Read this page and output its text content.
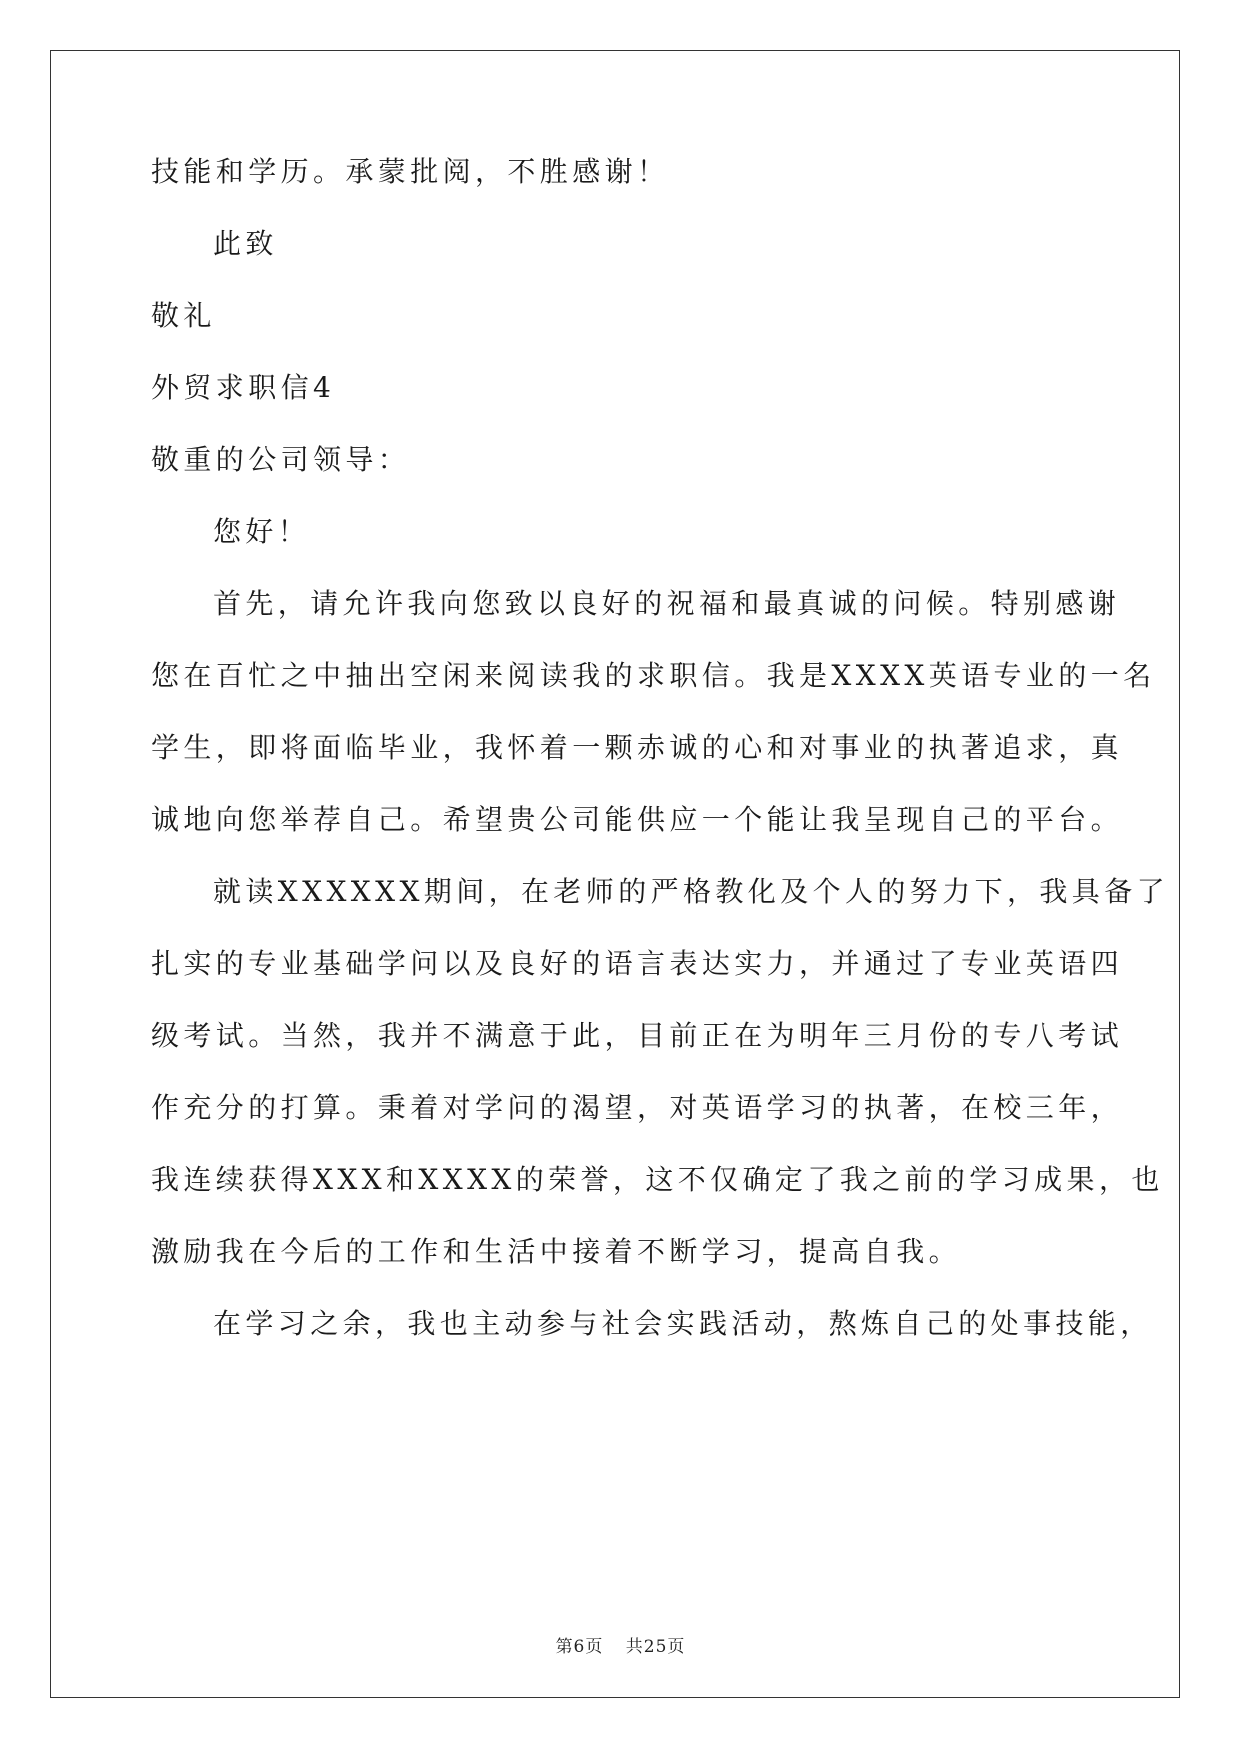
技能和学历。承蒙批阅，不胜感谢！
此致
敬礼
外贸求职信4
敬重的公司领导：
您好！
首先，请允许我向您致以良好的祝福和最真诚的问候。特别感谢
您在百忙之中抽出空闲来阅读我的求职信。我是XXXX英语专业的一名
学生，即将面临毕业，我怀着一颗赤诚的心和对事业的执著追求，真
诚地向您举荐自己。希望贵公司能供应一个能让我呈现自己的平台。
就读XXXXXX期间，在老师的严格教化及个人的努力下，我具备了
扎实的专业基础学问以及良好的语言表达实力，并通过了专业英语四
级考试。当然，我并不满意于此，目前正在为明年三月份的专八考试
作充分的打算。秉着对学问的渴望，对英语学习的执著，在校三年，
我连续获得XXX和XXXX的荣誉，这不仅确定了我之前的学习成果，也
激励我在今后的工作和生活中接着不断学习，提高自我。
在学习之余，我也主动参与社会实践活动，熬炼自己的处事技能，
第6页 共25页
